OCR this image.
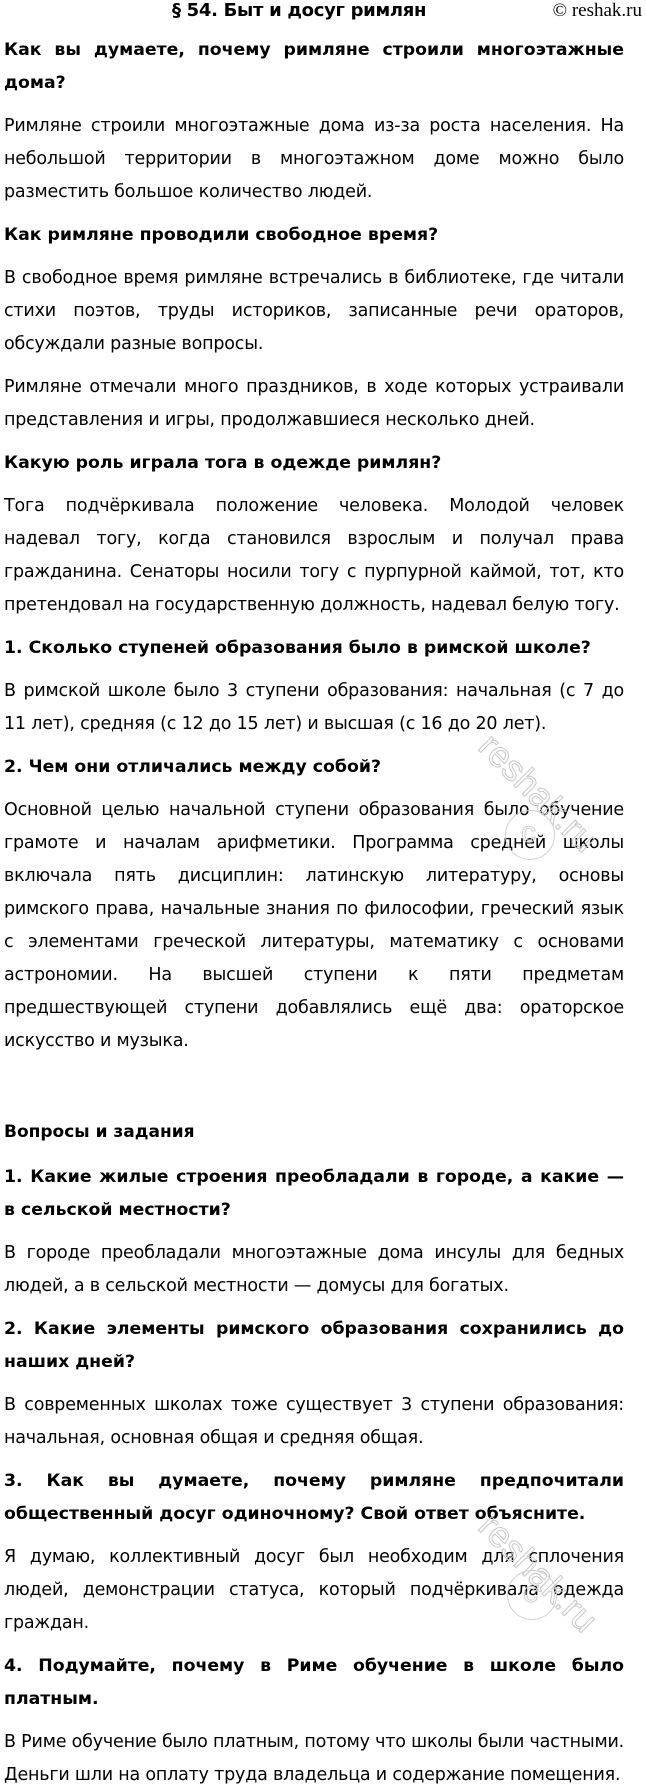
§ 54. Быт и досуг римлян	© reshak.ru

Как вы думаете, почему римляне строили многоэтажные дома?

Римляне строили многоэтажные дома из-за роста населения. На небольшой территории в многоэтажном доме можно было разместить большое количество людей.

Как римляне проводили свободное время?

В свободное время римляне встречались в библиотеке, где читали стихи поэтов, труды историков, записанные речи ораторов, обсуждали разные вопросы.

Римляне отмечали много праздников, в ходе которых устраивали представления и игры, продолжавшиеся несколько дней.

Какую роль играла тога в одежде римлян?

Тога подчёркивала положение человека. Молодой человек надевал тогу, когда становился взрослым и получал права гражданина. Сенаторы носили тогу с пурпурной каймой, тот, кто претендовал на государственную должность, надевал белую тогу.

1. Сколько ступеней образования было в римской школе?

В римской школе было 3 ступени образования: начальная (с 7 до 11 лет), средняя (с 12 до 15 лет) и высшая (с 16 до 20 лет).

2. Чем они отличались между собой?

Основной целью начальной ступени образования было обучение грамоте и началам арифметики. Программа средней школы включала пять дисциплин: латинскую литературу, основы римского права, начальные знания по философии, греческий язык с элементами греческой литературы, математику с основами астрономии. На высшей ступени к пяти предметам предшествующей ступени добавлялись ещё два: ораторское искусство и музыка.

Вопросы и задания

1. Какие жилые строения преобладали в городе, а какие — в сельской местности?

В городе преобладали многоэтажные дома инсулы для бедных людей, а в сельской местности — домусы для богатых.

2. Какие элементы римского образования сохранились до наших дней?

В современных школах тоже существует 3 ступени образования: начальная, основная общая и средняя общая.

3. Как вы думаете, почему римляне предпочитали общественный досуг одиночному? Свой ответ объясните.

Я думаю, коллективный досуг был необходим для сплочения людей, демонстрации статуса, который подчёркивала одежда граждан.

4. Подумайте, почему в Риме обучение в школе было платным.

В Риме обучение было платным, потому что школы были частными. Деньги шли на оплату труда владельца и содержание помещения.

reshak.ru
c
reshak.ru
c
